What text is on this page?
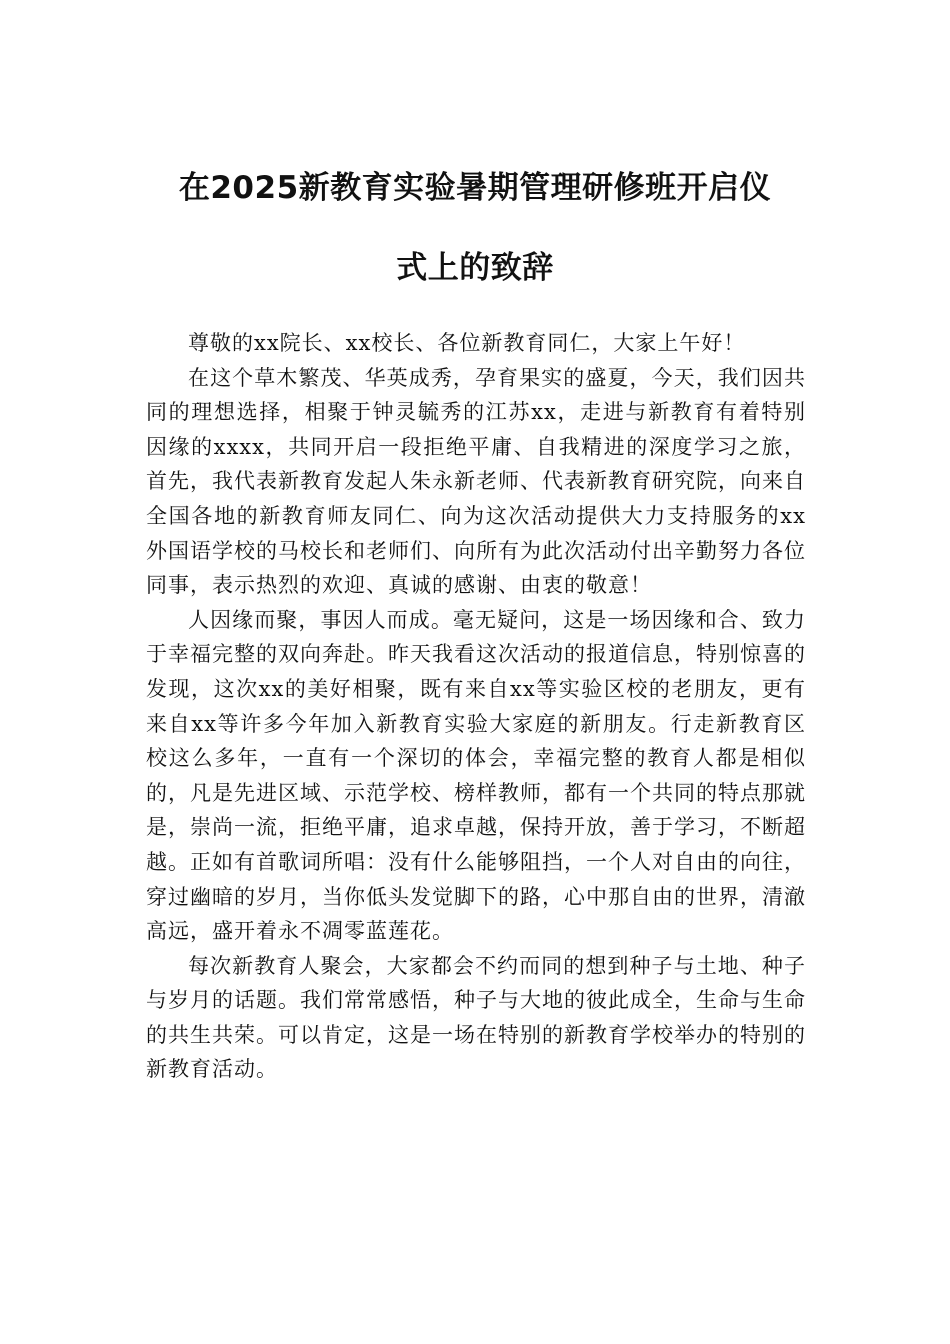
在2025新教育实验暑期管理研修班开启仪
式上的致辞

尊敬的xx院长、xx校长、各位新教育同仁，大家上午好！

在这个草木繁茂、华英成秀，孕育果实的盛夏，今天，我们因共同的理想选择，相聚于钟灵毓秀的江苏xx，走进与新教育有着特别因缘的xxxx，共同开启一段拒绝平庸、自我精进的深度学习之旅，首先，我代表新教育发起人朱永新老师、代表新教育研究院，向来自全国各地的新教育师友同仁、向为这次活动提供大力支持服务的xx外国语学校的马校长和老师们、向所有为此次活动付出辛勤努力各位同事，表示热烈的欢迎、真诚的感谢、由衷的敬意！

人因缘而聚，事因人而成。毫无疑问，这是一场因缘和合、致力于幸福完整的双向奔赴。昨天我看这次活动的报道信息，特别惊喜的发现，这次xx的美好相聚，既有来自xx等实验区校的老朋友，更有来自xx等许多今年加入新教育实验大家庭的新朋友。行走新教育区校这么多年，一直有一个深切的体会，幸福完整的教育人都是相似的，凡是先进区域、示范学校、榜样教师，都有一个共同的特点那就是，崇尚一流，拒绝平庸，追求卓越，保持开放，善于学习，不断超越。正如有首歌词所唱：没有什么能够阻挡，一个人对自由的向往，穿过幽暗的岁月，当你低头发觉脚下的路，心中那自由的世界，清澈高远，盛开着永不凋零蓝莲花。

每次新教育人聚会，大家都会不约而同的想到种子与土地、种子与岁月的话题。我们常常感悟，种子与大地的彼此成全，生命与生命的共生共荣。可以肯定，这是一场在特别的新教育学校举办的特别的新教育活动。
